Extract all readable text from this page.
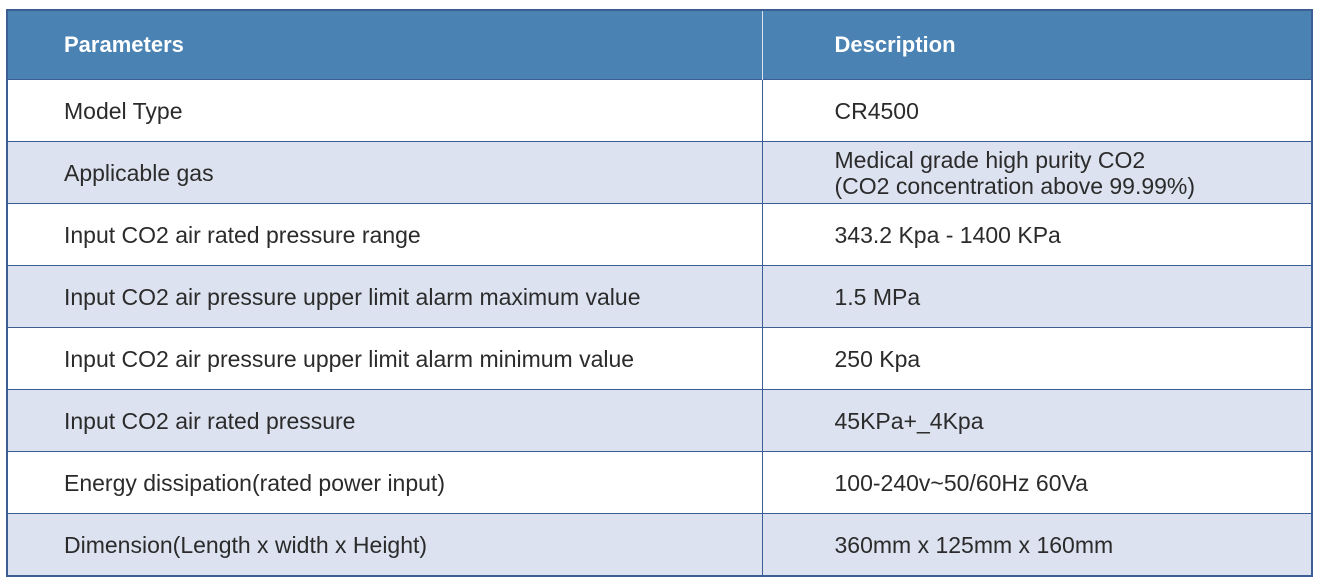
Parameters	Description
Model Type	CR4500

Applicable gas	Medical grade high purity CO2
(CO2 concentration above 99.99%)

Input CO2 air rated pressure range	343.2 Kpa - 1400 KPa

Input CO2 air pressure upper limit alarm maximum value	1.5 MPa

Input CO2 air pressure upper limit alarm minimum value	250 Kpa

Input CO2 air rated pressure	45KPa+_4Kpa

Energy dissipation(rated power input)	100-240v~50/60Hz 60Va

Dimension(Length x width x Height)	360mm x 125mm x 160mm
